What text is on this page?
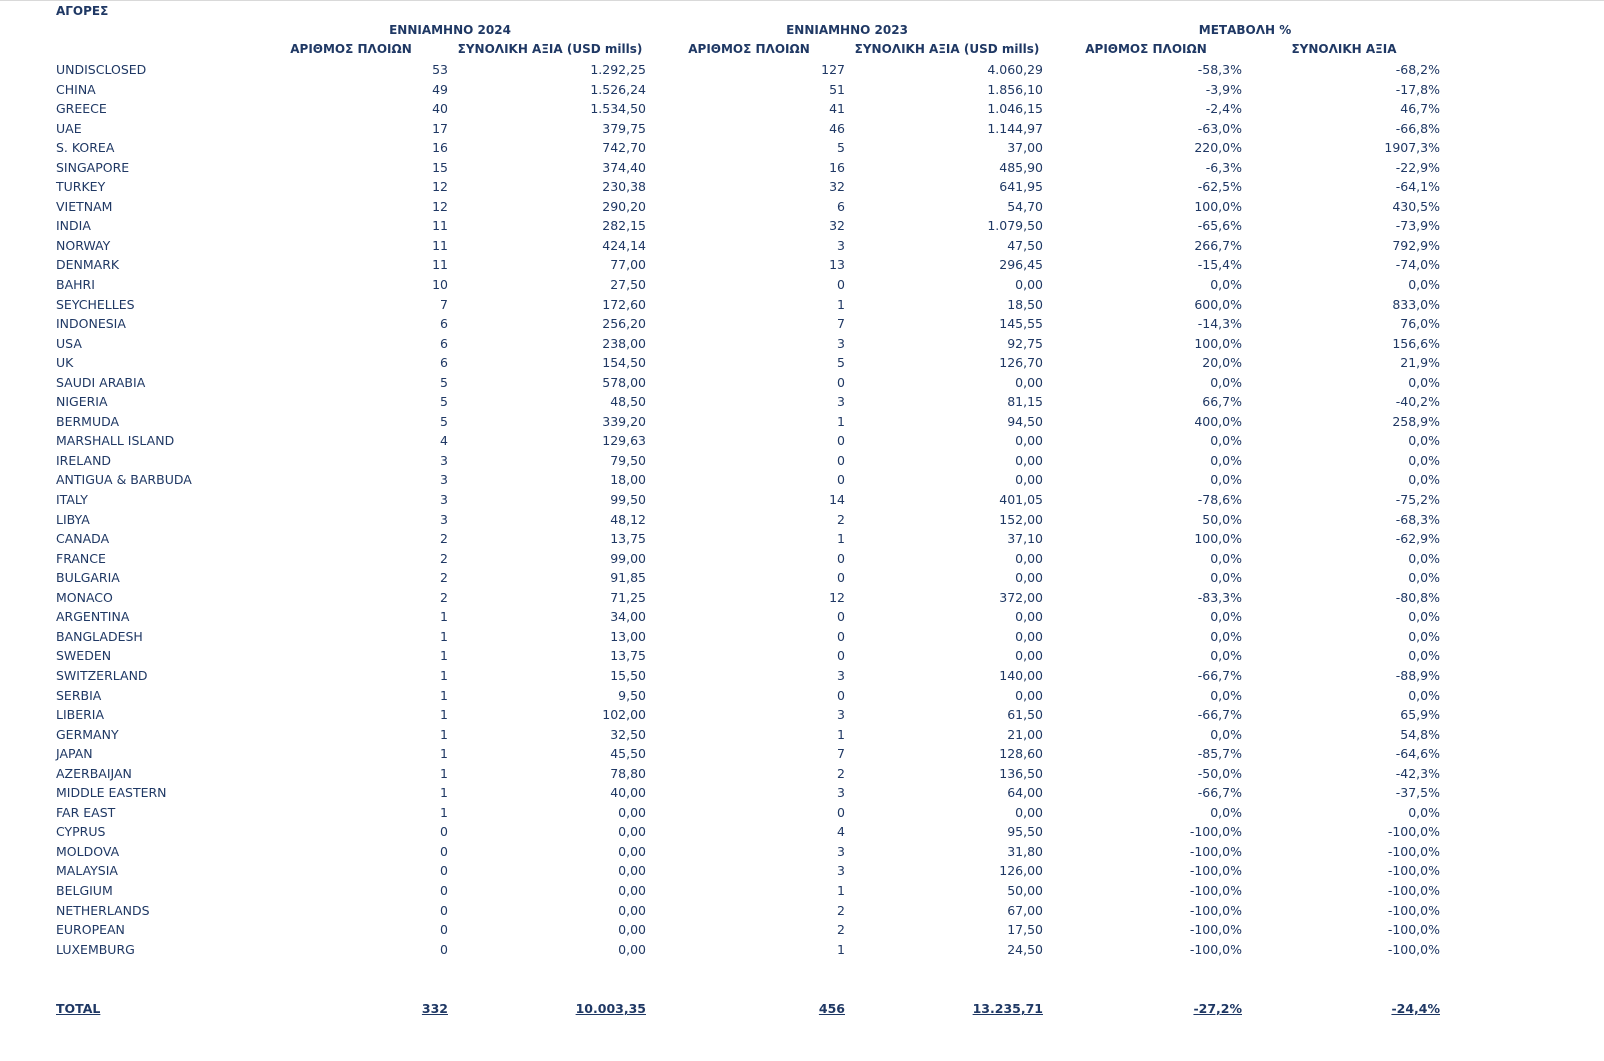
ΑΓΟΡΕΣ
ΕΝΝΙΑΜΗΝΟ 2024	ΕΝΝΙΑΜΗΝΟ 2023	ΜΕΤΑΒΟΛΗ %
ΑΡΙΘΜΟΣ ΠΛΟΙΩΝ	ΣΥΝΟΛΙΚΗ ΑΞΙΑ (USD mills)	ΑΡΙΘΜΟΣ ΠΛΟΙΩΝ	ΣΥΝΟΛΙΚΗ ΑΞΙΑ (USD mills)	ΑΡΙΘΜΟΣ ΠΛΟΙΩΝ	ΣΥΝΟΛΙΚΗ ΑΞΙΑ
UNDISCLOSED	53	1.292,25	127	4.060,29	-58,3%	-68,2%
CHINA	49	1.526,24	51	1.856,10	-3,9%	-17,8%
GREECE	40	1.534,50	41	1.046,15	-2,4%	46,7%
UAE	17	379,75	46	1.144,97	-63,0%	-66,8%
S. KOREA	16	742,70	5	37,00	220,0%	1907,3%
SINGAPORE	15	374,40	16	485,90	-6,3%	-22,9%
TURKEY	12	230,38	32	641,95	-62,5%	-64,1%
VIETNAM	12	290,20	6	54,70	100,0%	430,5%
INDIA	11	282,15	32	1.079,50	-65,6%	-73,9%
NORWAY	11	424,14	3	47,50	266,7%	792,9%
DENMARK	11	77,00	13	296,45	-15,4%	-74,0%
BAHRI	10	27,50	0	0,00	0,0%	0,0%
SEYCHELLES	7	172,60	1	18,50	600,0%	833,0%
INDONESIA	6	256,20	7	145,55	-14,3%	76,0%
USA	6	238,00	3	92,75	100,0%	156,6%
UK	6	154,50	5	126,70	20,0%	21,9%
SAUDI ARABIA	5	578,00	0	0,00	0,0%	0,0%
NIGERIA	5	48,50	3	81,15	66,7%	-40,2%
BERMUDA	5	339,20	1	94,50	400,0%	258,9%
MARSHALL ISLAND	4	129,63	0	0,00	0,0%	0,0%
IRELAND	3	79,50	0	0,00	0,0%	0,0%
ANTIGUA & BARBUDA	3	18,00	0	0,00	0,0%	0,0%
ITALY	3	99,50	14	401,05	-78,6%	-75,2%
LIBYA	3	48,12	2	152,00	50,0%	-68,3%
CANADA	2	13,75	1	37,10	100,0%	-62,9%
FRANCE	2	99,00	0	0,00	0,0%	0,0%
BULGARIA	2	91,85	0	0,00	0,0%	0,0%
MONACO	2	71,25	12	372,00	-83,3%	-80,8%
ARGENTINA	1	34,00	0	0,00	0,0%	0,0%
BANGLADESH	1	13,00	0	0,00	0,0%	0,0%
SWEDEN	1	13,75	0	0,00	0,0%	0,0%
SWITZERLAND	1	15,50	3	140,00	-66,7%	-88,9%
SERBIA	1	9,50	0	0,00	0,0%	0,0%
LIBERIA	1	102,00	3	61,50	-66,7%	65,9%
GERMANY	1	32,50	1	21,00	0,0%	54,8%
JAPAN	1	45,50	7	128,60	-85,7%	-64,6%
AZERBAIJAN	1	78,80	2	136,50	-50,0%	-42,3%
MIDDLE EASTERN	1	40,00	3	64,00	-66,7%	-37,5%
FAR EAST	1	0,00	0	0,00	0,0%	0,0%
CYPRUS	0	0,00	4	95,50	-100,0%	-100,0%
MOLDOVA	0	0,00	3	31,80	-100,0%	-100,0%
MALAYSIA	0	0,00	3	126,00	-100,0%	-100,0%
BELGIUM	0	0,00	1	50,00	-100,0%	-100,0%
NETHERLANDS	0	0,00	2	67,00	-100,0%	-100,0%
EUROPEAN	0	0,00	2	17,50	-100,0%	-100,0%
LUXEMBURG	0	0,00	1	24,50	-100,0%	-100,0%
TOTAL	332	10.003,35	456	13.235,71	-27,2%	-24,4%
